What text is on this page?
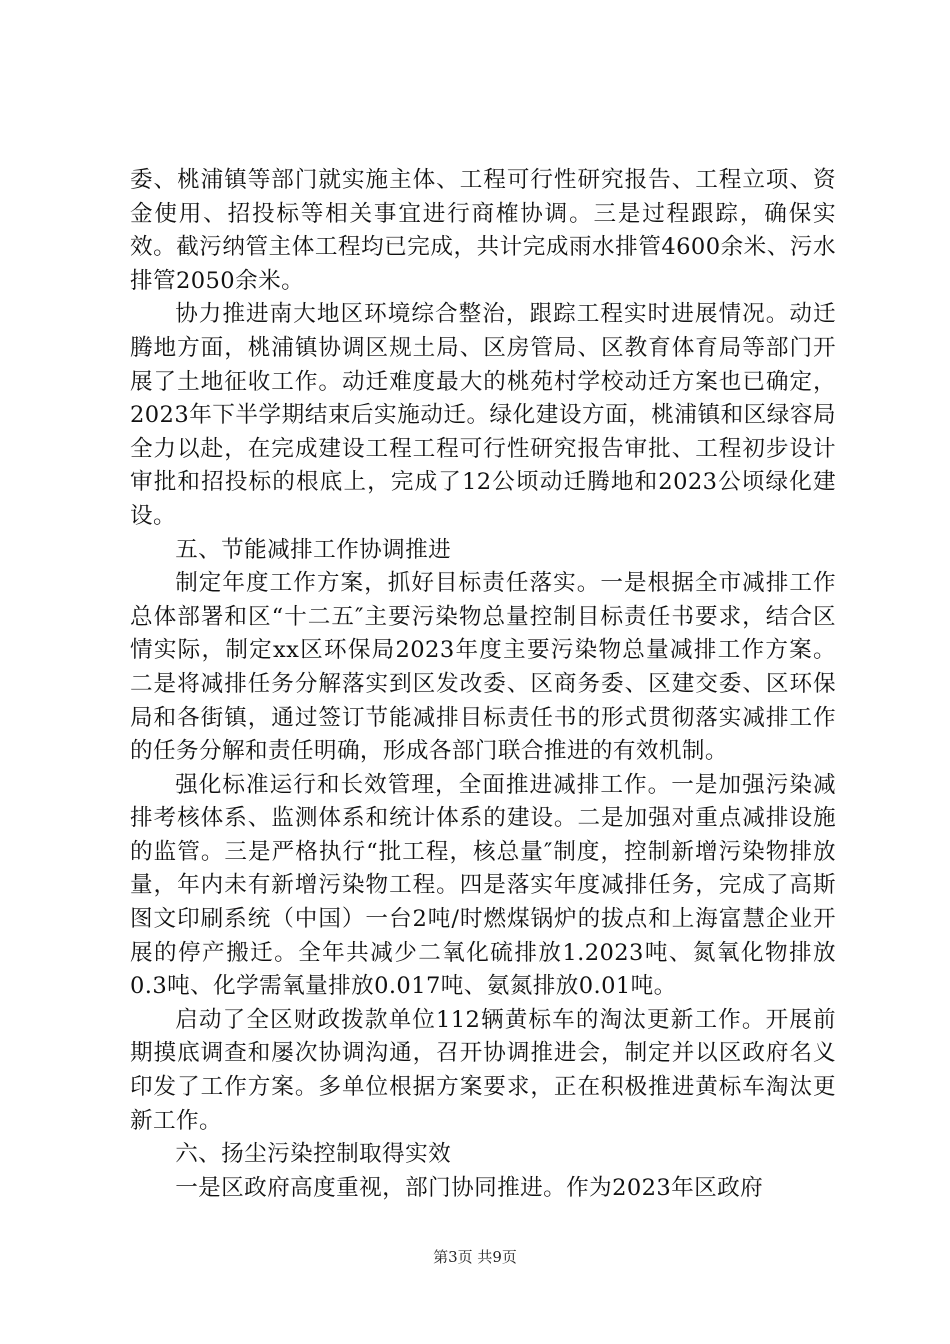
委、桃浦镇等部门就实施主体、工程可行性研究报告、工程立项、资金使用、招投标等相关事宜进行商榷协调。三是过程跟踪，确保实效。截污纳管主体工程均已完成，共计完成雨水排管4600余米、污水排管2050余米。

协力推进南大地区环境综合整治，跟踪工程实时进展情况。动迁腾地方面，桃浦镇协调区规土局、区房管局、区教育体育局等部门开展了土地征收工作。动迁难度最大的桃苑村学校动迁方案也已确定，2023年下半学期结束后实施动迁。绿化建设方面，桃浦镇和区绿容局全力以赴，在完成建设工程工程可行性研究报告审批、工程初步设计审批和招投标的根底上，完成了12公顷动迁腾地和2023公顷绿化建设。

五、节能减排工作协调推进

制定年度工作方案，抓好目标责任落实。一是根据全市减排工作总体部署和区“十二五″主要污染物总量控制目标责任书要求，结合区情实际，制定xx区环保局2023年度主要污染物总量减排工作方案。二是将减排任务分解落实到区发改委、区商务委、区建交委、区环保局和各街镇，通过签订节能减排目标责任书的形式贯彻落实减排工作的任务分解和责任明确，形成各部门联合推进的有效机制。

强化标准运行和长效管理，全面推进减排工作。一是加强污染减排考核体系、监测体系和统计体系的建设。二是加强对重点减排设施的监管。三是严格执行“批工程，核总量″制度，控制新增污染物排放量，年内未有新增污染物工程。四是落实年度减排任务，完成了高斯图文印刷系统（中国）一台2吨/时燃煤锅炉的拔点和上海富慧企业开展的停产搬迁。全年共减少二氧化硫排放1.2023吨、氮氧化物排放0.3吨、化学需氧量排放0.017吨、氨氮排放0.01吨。

启动了全区财政拨款单位112辆黄标车的淘汰更新工作。开展前期摸底调查和屡次协调沟通，召开协调推进会，制定并以区政府名义印发了工作方案。多单位根据方案要求，正在积极推进黄标车淘汰更新工作。

六、扬尘污染控制取得实效

一是区政府高度重视，部门协同推进。作为2023年区政府

第3页 共9页
